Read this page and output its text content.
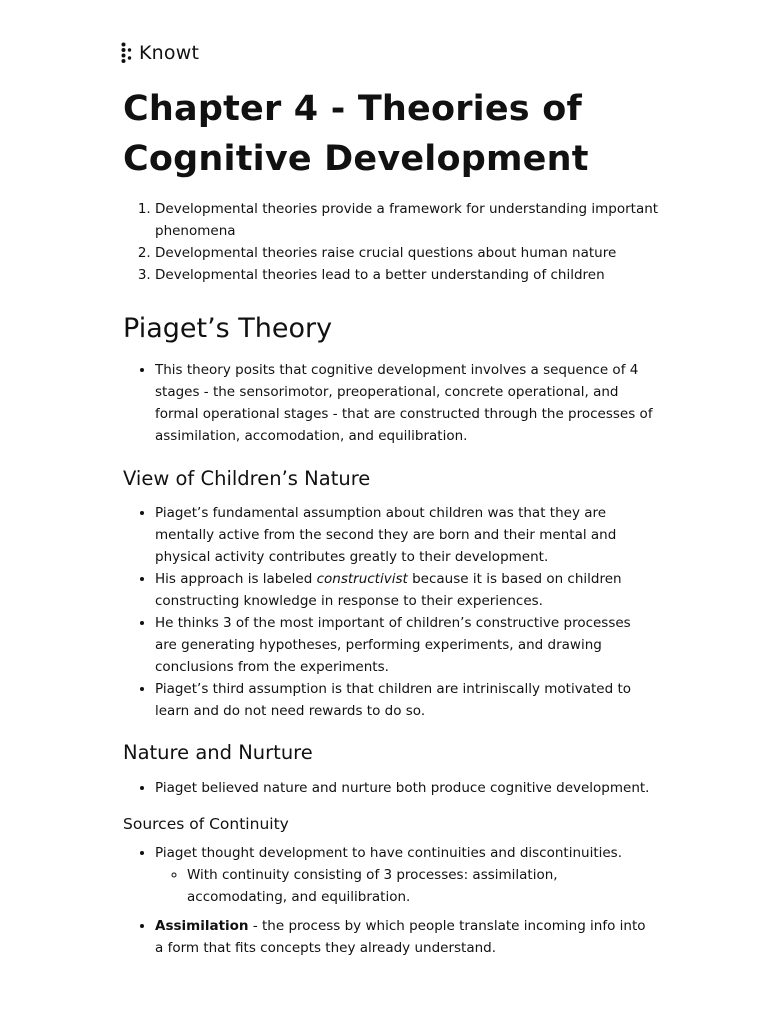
Knowt
Chapter 4 - Theories of Cognitive Development
1. Developmental theories provide a framework for understanding important phenomena
2. Developmental theories raise crucial questions about human nature
3. Developmental theories lead to a better understanding of children
Piaget’s Theory
• This theory posits that cognitive development involves a sequence of 4 stages - the sensorimotor, preoperational, concrete operational, and formal operational stages - that are constructed through the processes of assimilation, accomodation, and equilibration.
View of Children’s Nature
• Piaget’s fundamental assumption about children was that they are mentally active from the second they are born and their mental and physical activity contributes greatly to their development.
• His approach is labeled constructivist because it is based on children constructing knowledge in response to their experiences.
• He thinks 3 of the most important of children’s constructive processes are generating hypotheses, performing experiments, and drawing conclusions from the experiments.
• Piaget’s third assumption is that children are intriniscally motivated to learn and do not need rewards to do so.
Nature and Nurture
• Piaget believed nature and nurture both produce cognitive development.
Sources of Continuity
• Piaget thought development to have continuities and discontinuities.
◦ With continuity consisting of 3 processes: assimilation, accomodating, and equilibration.
• Assimilation - the process by which people translate incoming info into a form that fits concepts they already understand.
